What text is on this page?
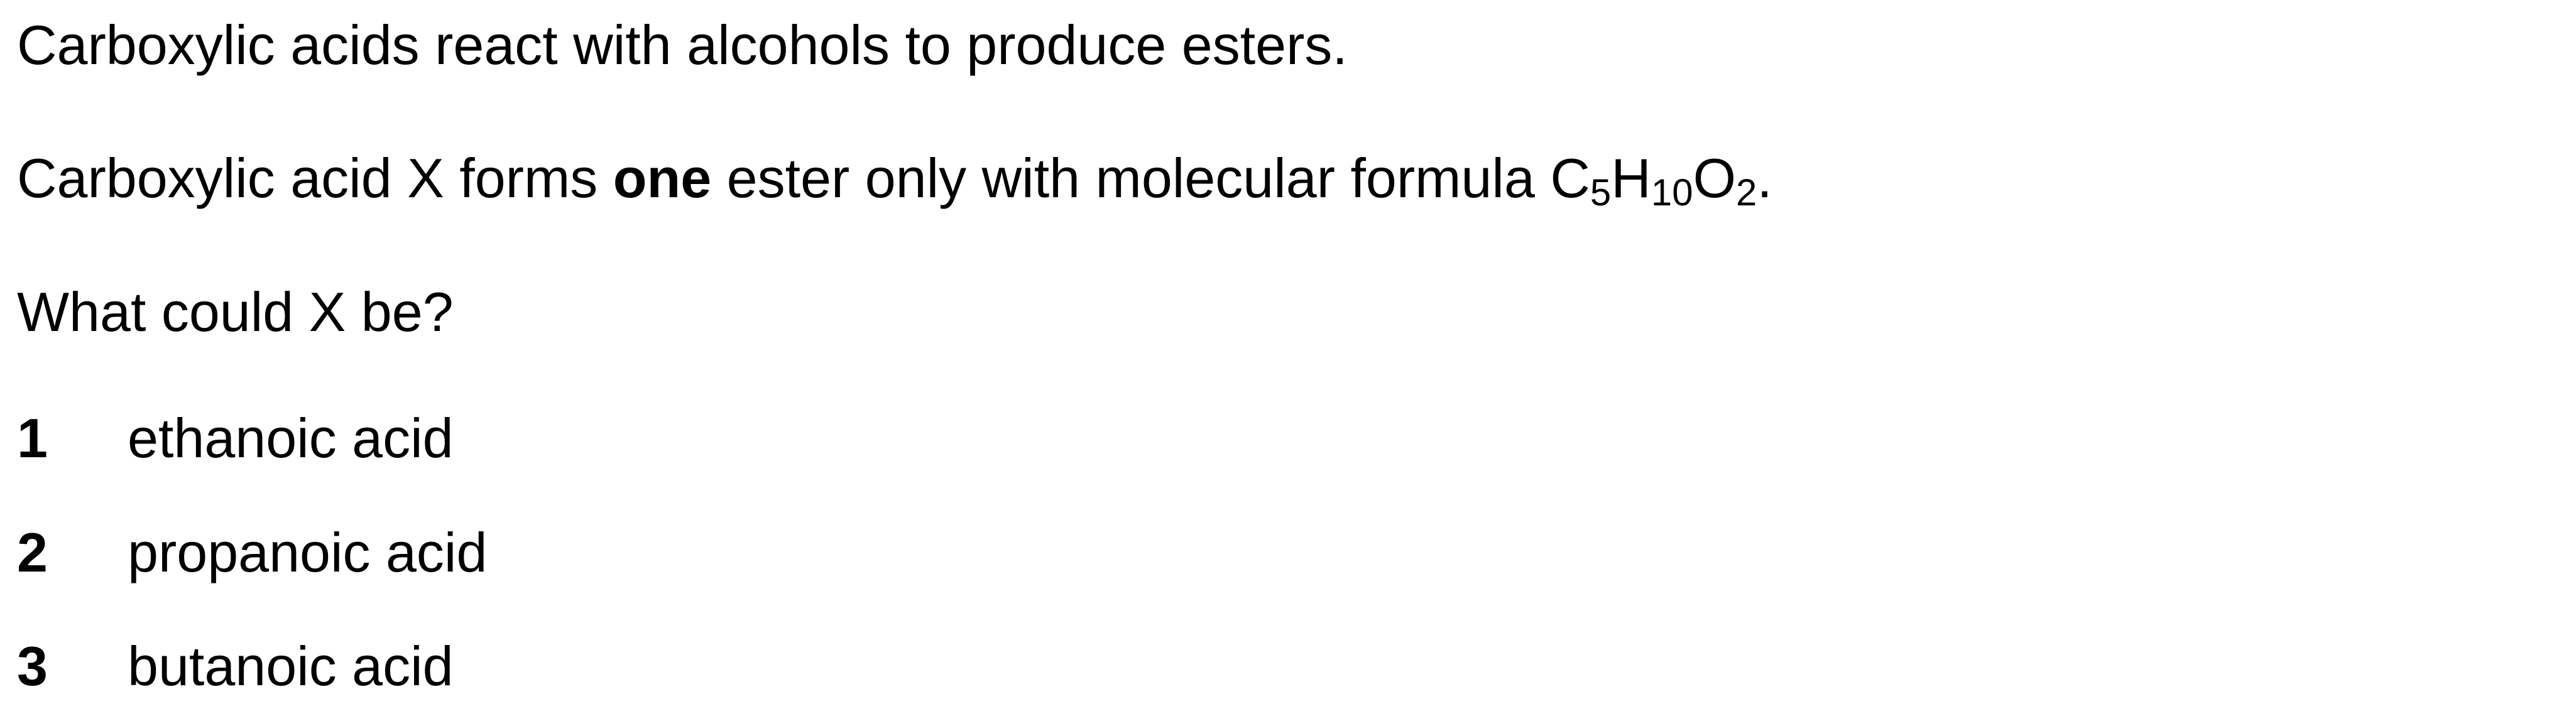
Carboxylic acids react with alcohols to produce esters.
Carboxylic acid X forms one ester only with molecular formula $C_5H_{10}O_2$.
What could X be?
1 ethanoic acid
2 propanoic acid
3 butanoic acid
